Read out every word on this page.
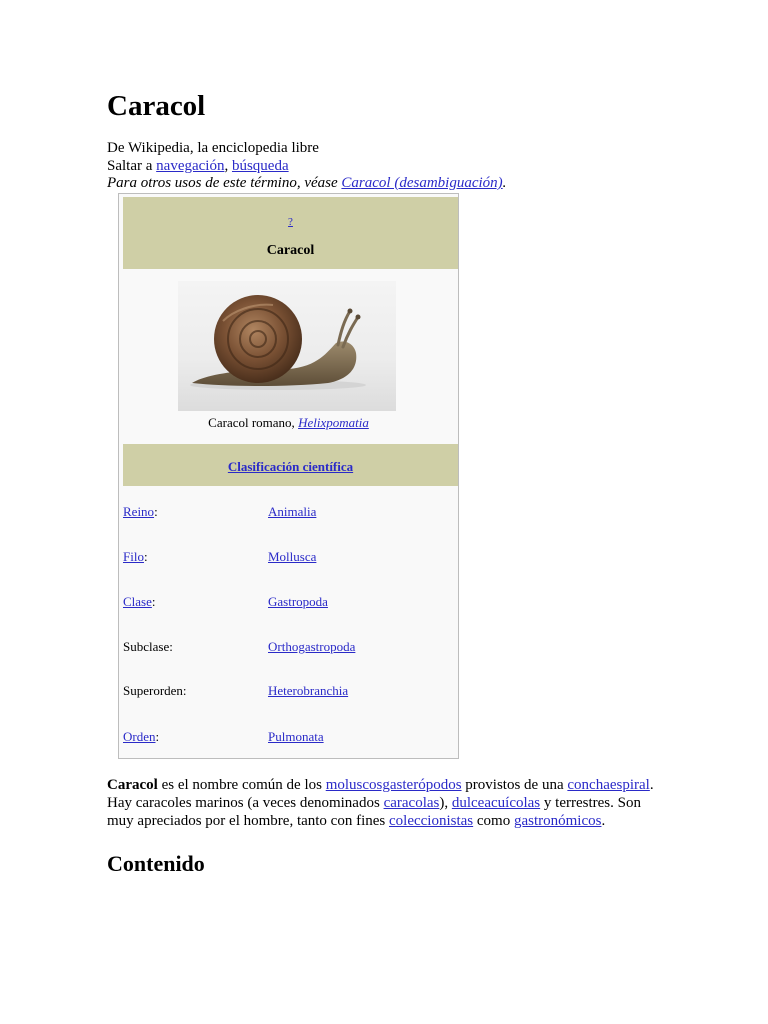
Caracol
De Wikipedia, la enciclopedia libre
Saltar a navegación, búsqueda
Para otros usos de este término, véase Caracol (desambiguación).
?
Caracol
Caracol romano, Helixpomatia
$_{Clasificación científica}$
Reino:	Animalia
Filo:	Mollusca
Clase:	Gastropoda
Subclase:	Orthogastropoda
Superorden:	Heterobranchia
Orden:	Pulmonata
Caracol es el nombre común de los moluscosgasterópodos provistos de una conchaespiral.
Hay caracoles marinos (a veces denominados caracolas), dulceacuícolas y terrestres. Son
muy apreciados por el hombre, tanto con fines coleccionistas como gastronómicos.
Contenido
